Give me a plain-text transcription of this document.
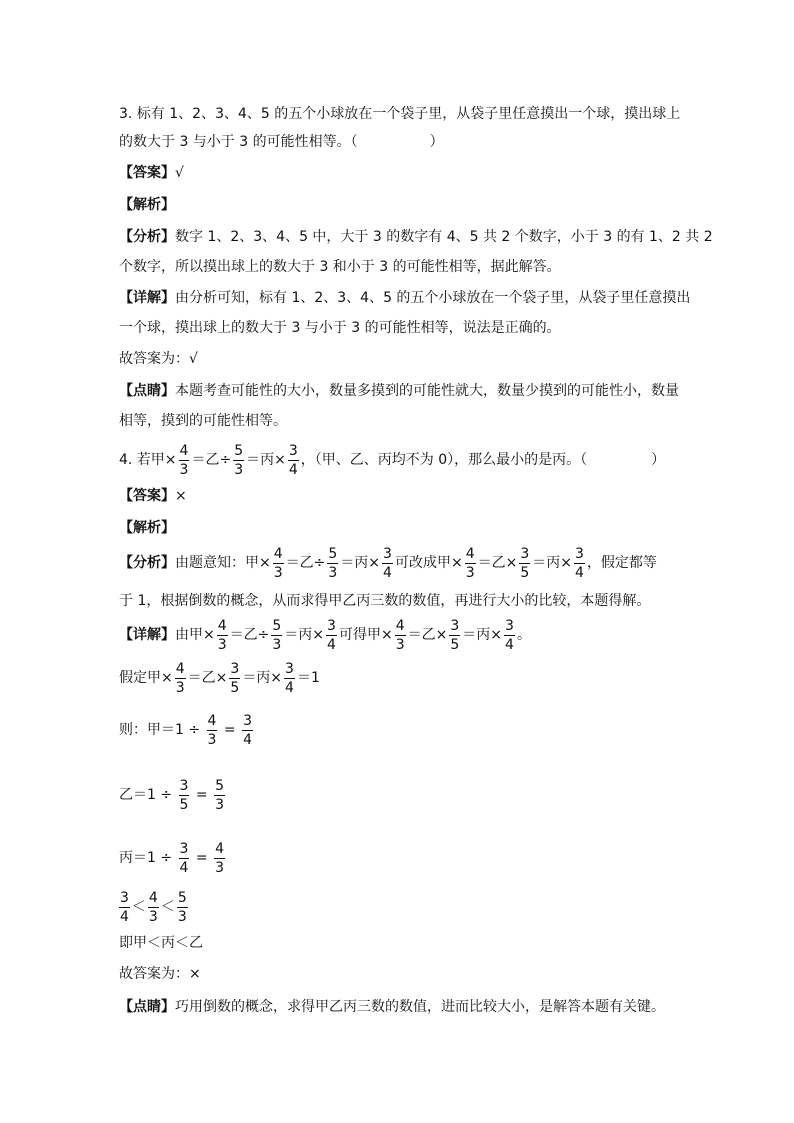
3. 标有 1、2、3、4、5 的五个小球放在一个袋子里，从袋子里任意摸出一个球，摸出球上
的数大于 3 与小于 3 的可能性相等。（	）
【答案】√
【解析】
【分析】数字 1、2、3、4、5 中，大于 3 的数字有 4、5 共 2 个数字，小于 3 的有 1、2 共 2
个数字，所以摸出球上的数大于 3 和小于 3 的可能性相等，据此解答。
【详解】由分析可知，标有 1、2、3、4、5 的五个小球放在一个袋子里，从袋子里任意摸出
一个球，摸出球上的数大于 3 与小于 3 的可能性相等，说法是正确的。
故答案为：√
【点睛】本题考查可能性的大小，数量多摸到的可能性就大，数量少摸到的可能性小，数量
相等，摸到的可能性相等。
4. 若甲× $\frac{4}{3}$ ＝乙÷ $\frac{5}{3}$ ＝丙× $\frac{3}{4}$ ，（甲、乙、丙均不为 0），那么最小的是丙。（	）
【答案】×
【解析】
【分析】由题意知：甲× $\frac{4}{3}$ ＝乙÷ $\frac{5}{3}$ ＝丙× $\frac{3}{4}$ 可改成甲× $\frac{4}{3}$ ＝乙× $\frac{3}{5}$ ＝丙× $\frac{3}{4}$ ，假定都等
于 1，根据倒数的概念，从而求得甲乙丙三数的数值，再进行大小的比较，本题得解。
【详解】由甲× $\frac{4}{3}$ ＝乙÷ $\frac{5}{3}$ ＝丙× $\frac{3}{4}$ 可得甲× $\frac{4}{3}$ ＝乙× $\frac{3}{5}$ ＝丙× $\frac{3}{4}$ 。
假定甲× $\frac{4}{3}$ ＝乙× $\frac{3}{5}$ ＝丙× $\frac{3}{4} =1$
则：甲$=1 \div \frac{4}{3} = \frac{3}{4}$
乙$=1 \div \frac{3}{5} = \frac{5}{3}$
丙$=1 \div \frac{3}{4} = \frac{4}{3}$
$\frac{3}{4} < \frac{4}{3} < \frac{5}{3}$
即甲＜丙＜乙
故答案为：×
【点睛】巧用倒数的概念，求得甲乙丙三数的数值，进而比较大小，是解答本题有关键。
